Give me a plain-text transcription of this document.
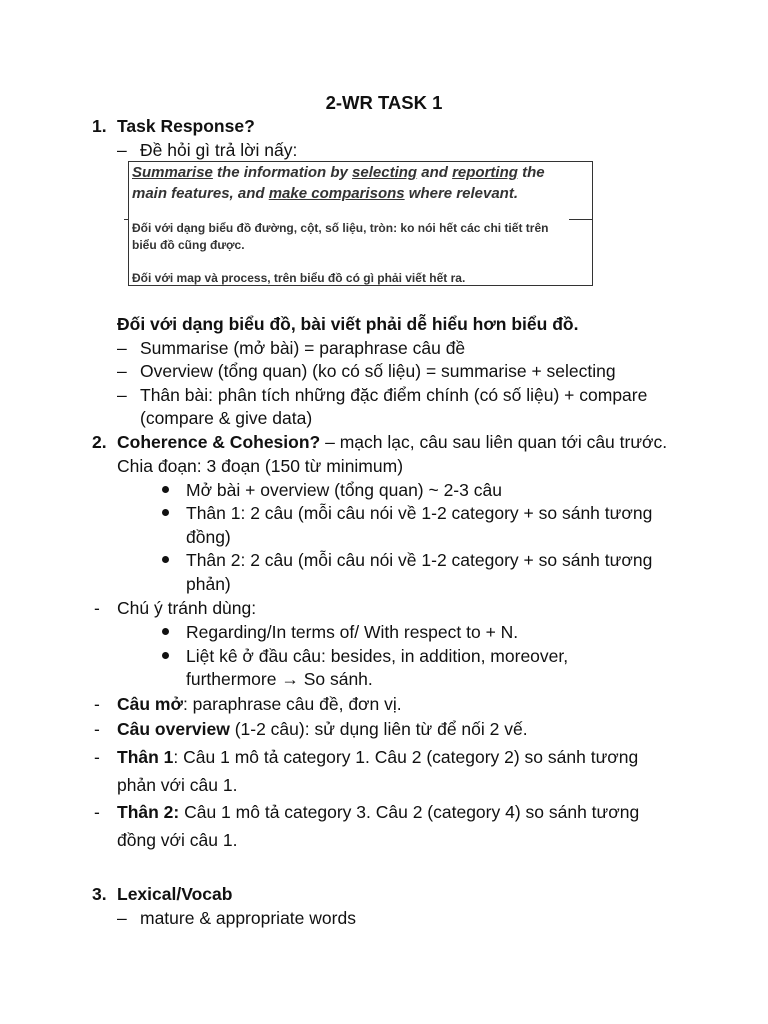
2-WR TASK 1
1. Task Response?
– Đề hỏi gì trả lời nấy:
Summarise the information by selecting and reporting the
main features, and make comparisons where relevant.
Đối với dạng biểu đồ đường, cột, số liệu, tròn: ko nói hết các chi tiết trên
biểu đồ cũng được.
Đối với map và process, trên biểu đồ có gì phải viết hết ra.
Đối với dạng biểu đồ, bài viết phải dễ hiểu hơn biểu đồ.
– Summarise (mở bài) = paraphrase câu đề
– Overview (tổng quan) (ko có số liệu) = summarise + selecting
– Thân bài: phân tích những đặc điểm chính (có số liệu) + compare
(compare & give data)
2. Coherence & Cohesion? – mạch lạc, câu sau liên quan tới câu trước.
Chia đoạn: 3 đoạn (150 từ minimum)
Mở bài + overview (tổng quan) ~ 2-3 câu
Thân 1: 2 câu (mỗi câu nói về 1-2 category + so sánh tương
đồng)
Thân 2: 2 câu (mỗi câu nói về 1-2 category + so sánh tương
phản)
- Chú ý tránh dùng:
Regarding/In terms of/ With respect to + N.
Liệt kê ở đầu câu: besides, in addition, moreover,
furthermore → So sánh.
- Câu mở: paraphrase câu đề, đơn vị.
- Câu overview (1-2 câu): sử dụng liên từ để nối 2 vế.
- Thân 1: Câu 1 mô tả category 1. Câu 2 (category 2) so sánh tương
phản với câu 1.
- Thân 2: Câu 1 mô tả category 3. Câu 2 (category 4) so sánh tương
đồng với câu 1.
3. Lexical/Vocab
– mature & appropriate words
